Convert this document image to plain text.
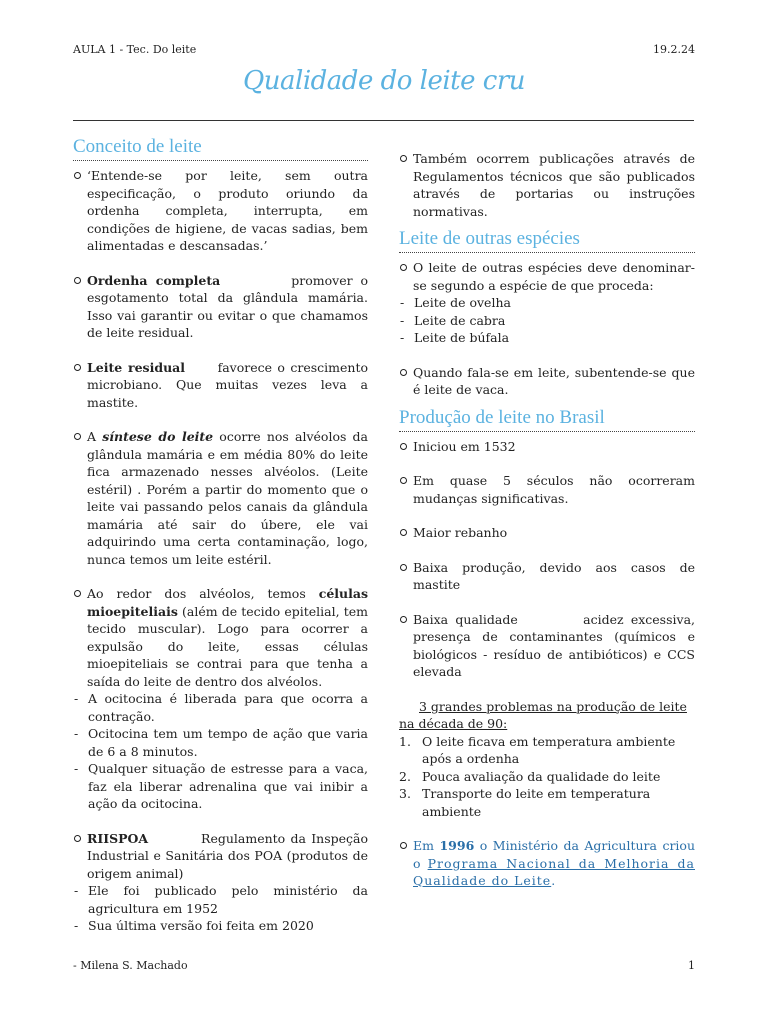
AULA 1 - Tec. Do leite	19.2.24
Qualidade do leite cru
Conceito de leite
‘Entende-se por leite, sem outra especificação, o produto oriundo da ordenha completa, interrupta, em condições de higiene, de vacas sadias, bem alimentadas e descansadas.’
Ordenha completa	promover o esgotamento total da glândula mamária. Isso vai garantir ou evitar o que chamamos de leite residual.
Leite residual	favorece o crescimento microbiano. Que muitas vezes leva a mastite.
A síntese do leite ocorre nos alvéolos da glândula mamária e em média 80% do leite fica armazenado nesses alvéolos. (Leite estéril) . Porém a partir do momento que o leite vai passando pelos canais da glândula mamária até sair do úbere, ele vai adquirindo uma certa contaminação, logo, nunca temos um leite estéril.
Ao redor dos alvéolos, temos células mioepiteliais (além de tecido epitelial, tem tecido muscular). Logo para ocorrer a expulsão do leite, essas células mioepiteliais se contrai para que tenha a saída do leite de dentro dos alvéolos.
- A ocitocina é liberada para que ocorra a contração.
- Ocitocina tem um tempo de ação que varia de 6 a 8 minutos.
- Qualquer situação de estresse para a vaca, faz ela liberar adrenalina que vai inibir a ação da ocitocina.
RIISPOA	Regulamento da Inspeção Industrial e Sanitária dos POA (produtos de origem animal)
- Ele foi publicado pelo ministério da agricultura em 1952
- Sua última versão foi feita em 2020
Também ocorrem publicações através de Regulamentos técnicos que são publicados através de portarias ou instruções normativas.
Leite de outras espécies
O leite de outras espécies deve denominar-se segundo a espécie de que proceda:
- Leite de ovelha
- Leite de cabra
- Leite de búfala
Quando fala-se em leite, subentende-se que é leite de vaca.
Produção de leite no Brasil
Iniciou em 1532
Em quase 5 séculos não ocorreram mudanças significativas.
Maior rebanho
Baixa produção, devido aos casos de mastite
Baixa qualidade	acidez excessiva, presença de contaminantes (químicos e biológicos - resíduo de antibióticos) e CCS elevada
3 grandes problemas na produção de leite na década de 90:
1. O leite ficava em temperatura ambiente após a ordenha
2. Pouca avaliação da qualidade do leite
3. Transporte do leite em temperatura ambiente
Em 1996 o Ministério da Agricultura criou o Programa Nacional da Melhoria da Qualidade do Leite.
- Milena S. Machado	1
